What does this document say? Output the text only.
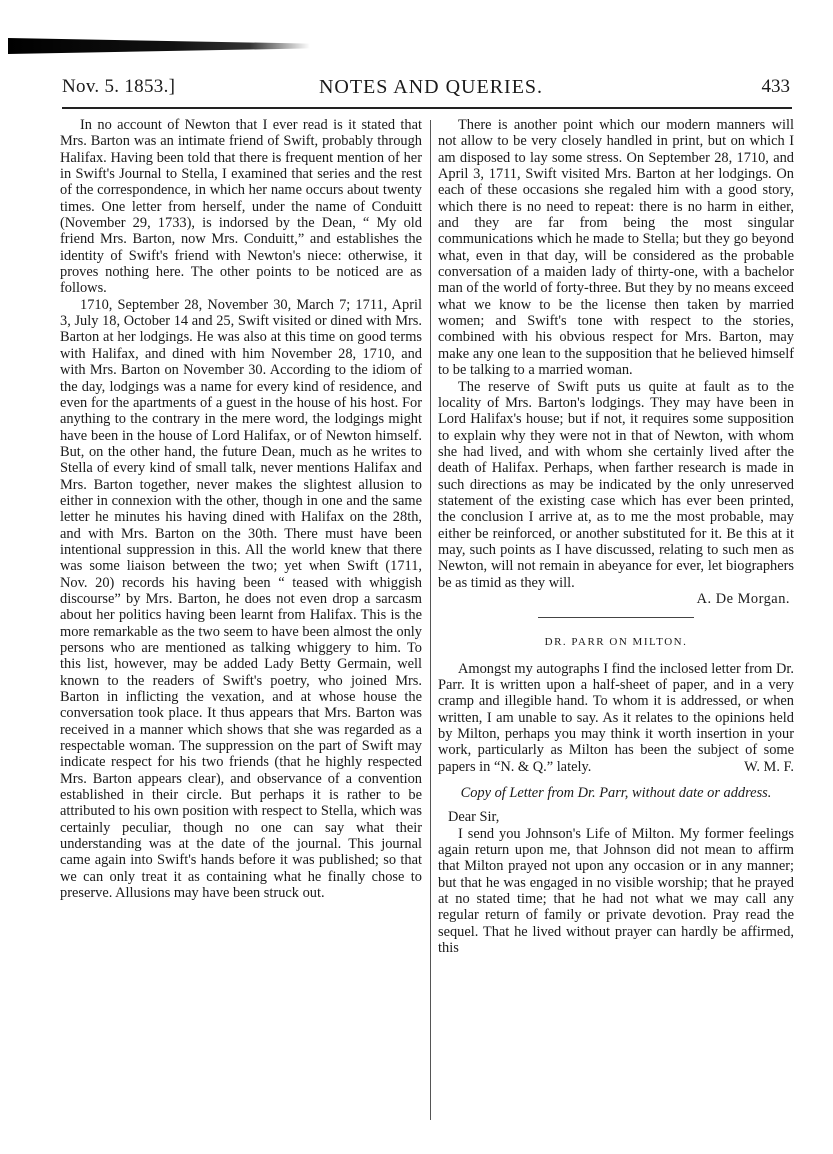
NOTES AND QUERIES.
Nov. 5. 1853.]	433

In no account of Newton that I ever read is it stated that Mrs. Barton was an intimate friend of Swift, probably through Halifax. Having been told that there is frequent mention of her in Swift's Journal to Stella, I examined that series and the rest of the correspondence, in which her name occurs about twenty times. One letter from herself, under the name of Conduitt (November 29, 1733), is indorsed by the Dean, “ My old friend Mrs. Barton, now Mrs. Conduitt,” and establishes the identity of Swift's friend with Newton's niece: otherwise, it proves nothing here. The other points to be noticed are as follows.

1710, September 28, November 30, March 7; 1711, April 3, July 18, October 14 and 25, Swift visited or dined with Mrs. Barton at her lodgings. He was also at this time on good terms with Halifax, and dined with him November 28, 1710, and with Mrs. Barton on November 30. According to the idiom of the day, lodgings was a name for every kind of residence, and even for the apartments of a guest in the house of his host. For anything to the contrary in the mere word, the lodgings might have been in the house of Lord Halifax, or of Newton himself. But, on the other hand, the future Dean, much as he writes to Stella of every kind of small talk, never mentions Halifax and Mrs. Barton together, never makes the slightest allusion to either in connexion with the other, though in one and the same letter he minutes his having dined with Halifax on the 28th, and with Mrs. Barton on the 30th. There must have been intentional suppression in this. All the world knew that there was some liaison between the two; yet when Swift (1711, Nov. 20) records his having been “ teased with whiggish discourse” by Mrs. Barton, he does not even drop a sarcasm about her politics having been learnt from Halifax. This is the more remarkable as the two seem to have been almost the only persons who are mentioned as talking whiggery to him. To this list, however, may be added Lady Betty Germain, well known to the readers of Swift's poetry, who joined Mrs. Barton in inflicting the vexation, and at whose house the conversation took place. It thus appears that Mrs. Barton was received in a manner which shows that she was regarded as a respectable woman. The suppression on the part of Swift may indicate respect for his two friends (that he highly respected Mrs. Barton appears clear), and observance of a convention established in their circle. But perhaps it is rather to be attributed to his own position with respect to Stella, which was certainly peculiar, though no one can say what their understanding was at the date of the journal. This journal came again into Swift's hands before it was published; so that we can only treat it as containing what he finally chose to preserve. Allusions may have been struck out.

There is another point which our modern manners will not allow to be very closely handled in print, but on which I am disposed to lay some stress. On September 28, 1710, and April 3, 1711, Swift visited Mrs. Barton at her lodgings. On each of these occasions she regaled him with a good story, which there is no need to repeat: there is no harm in either, and they are far from being the most singular communications which he made to Stella; but they go beyond what, even in that day, will be considered as the probable conversation of a maiden lady of thirty-one, with a bachelor man of the world of forty-three. But they by no means exceed what we know to be the license then taken by married women; and Swift's tone with respect to the stories, combined with his obvious respect for Mrs. Barton, may make any one lean to the supposition that he believed himself to be talking to a married woman.

The reserve of Swift puts us quite at fault as to the locality of Mrs. Barton's lodgings. They may have been in Lord Halifax's house; but if not, it requires some supposition to explain why they were not in that of Newton, with whom she had lived, and with whom she certainly lived after the death of Halifax. Perhaps, when farther research is made in such directions as may be indicated by the only unreserved statement of the existing case which has ever been printed, the conclusion I arrive at, as to me the most probable, may either be reinforced, or another substituted for it. Be this at it may, such points as I have discussed, relating to such men as Newton, will not remain in abeyance for ever, let biographers be as timid as they will.

A. De Morgan.
DR. PARR ON MILTON.

Amongst my autographs I find the inclosed letter from Dr. Parr. It is written upon a half-sheet of paper, and in a very cramp and illegible hand. To whom it is addressed, or when written, I am unable to say. As it relates to the opinions held by Milton, perhaps you may think it worth insertion in your work, particularly as Milton has been the subject of some papers in “N. & Q.” lately.	W. M. F.

Copy of Letter from Dr. Parr, without date or address.

Dear Sir,

I send you Johnson's Life of Milton. My former feelings again return upon me, that Johnson did not mean to affirm that Milton prayed not upon any occasion or in any manner; but that he was engaged in no visible worship; that he prayed at no stated time; that he had not what we may call any regular return of family or private devotion. Pray read the sequel. That he lived without prayer can hardly be affirmed, this
